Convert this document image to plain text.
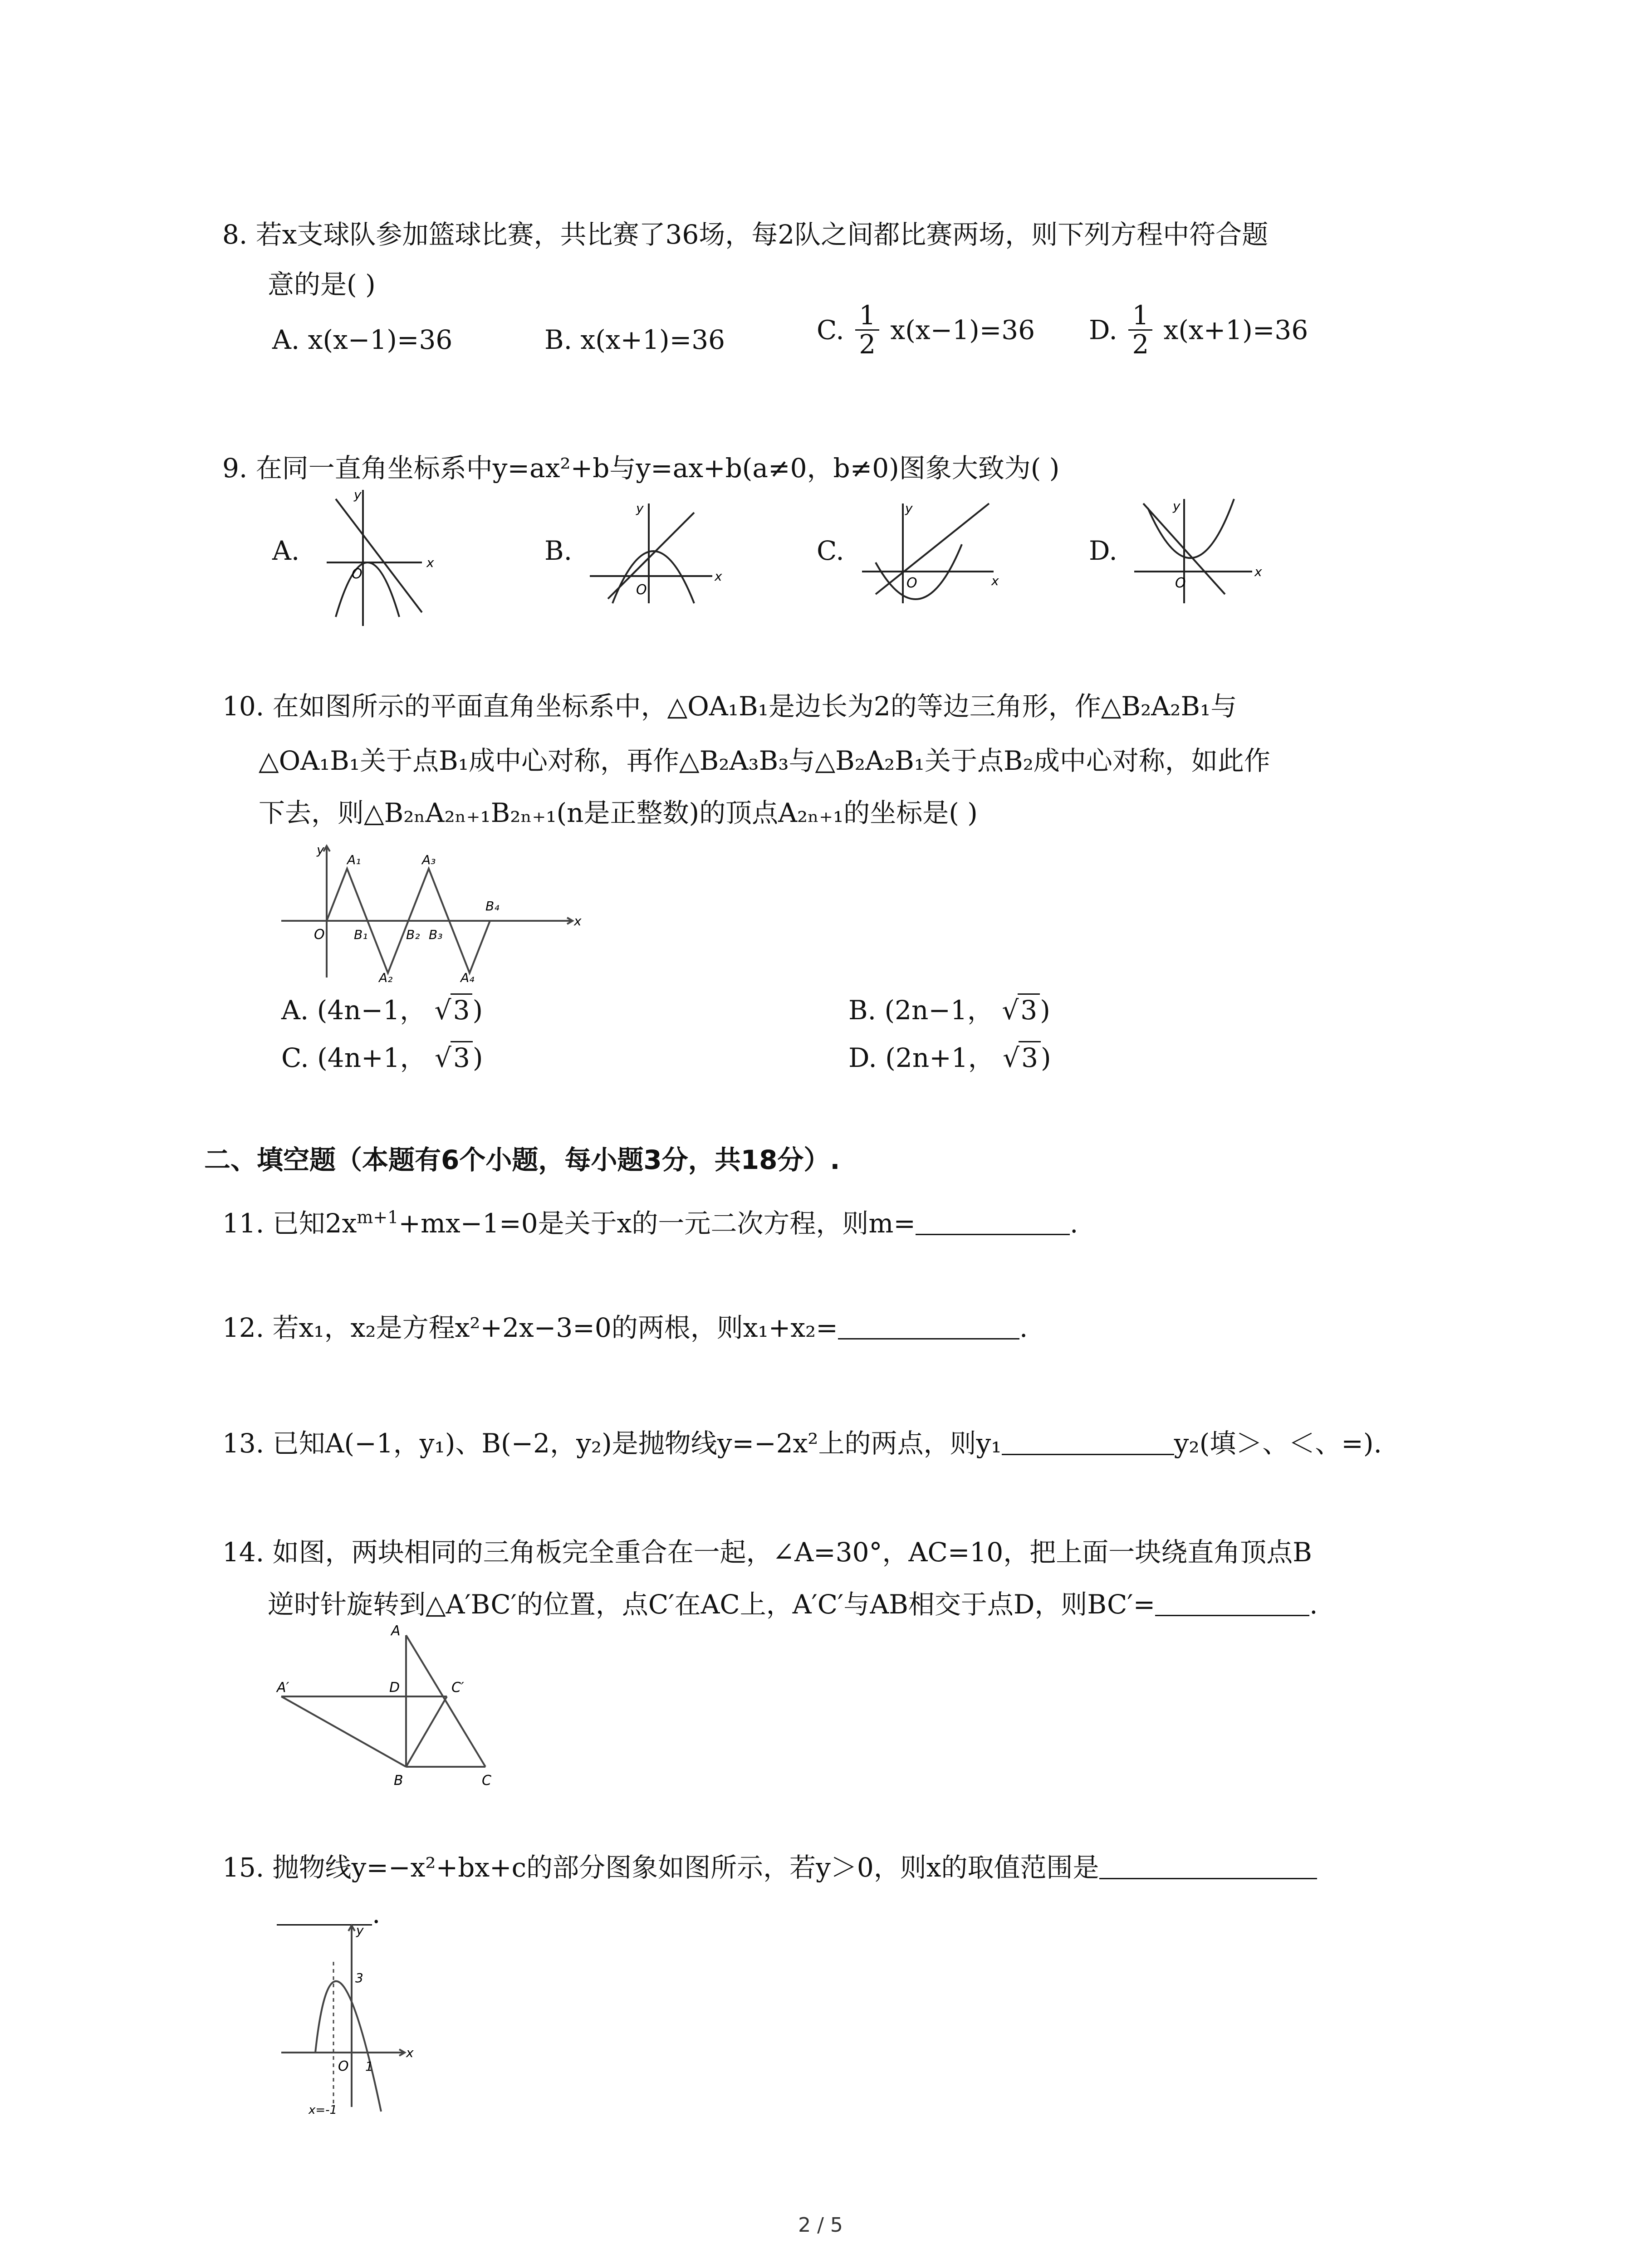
8. 若x支球队参加篮球比赛，共比赛了36场，每2队之间都比赛两场，则下列方程中符合题
意的是( )
A. x(x−1)=36	B. x(x+1)=36	C. $\frac{1}{2} x(x-1)=36$ D. $\frac{1}{2} x(x+1)=36$
9. 在同一直角坐标系中y=ax²+b与y=ax+b(a≠0，b≠0)图象大致为( )
A.
y
x
O
B.
y
x
O
C.
y
x
O
D.
y
x
O
10. 在如图所示的平面直角坐标系中，△OA₁B₁是边长为2的等边三角形，作△B₂A₂B₁与
△OA₁B₁关于点B₁成中心对称，再作△B₂A₃B₃与△B₂A₂B₁关于点B₂成中心对称，如此作
下去，则△B₂ₙA₂ₙ₊₁B₂ₙ₊₁(n是正整数)的顶点A₂ₙ₊₁的坐标是( )
y
x
O
A₁	A₃
A₂	A₄
B₁	B₂ B₃
B₄
A. (4n−1， √3 )	B. (2n−1， √3 )
C. (4n+1， √3 )	D. (2n+1， √3 )
二、填空题（本题有6个小题，每小题3分，共18分）.
11. 已知$2x^{m+1}+mx-1=0$是关于x的一元二次方程，则m=	.
12. 若x₁，x₂是方程x²+2x−3=0的两根，则x₁+x₂=	.
13. 已知A(−1，y₁)、B(−2，y₂)是抛物线y=−2x²上的两点，则y₁	y₂(填＞、＜、=).
14. 如图，两块相同的三角板完全重合在一起，∠A=30°，AC=10，把上面一块绕直角顶点B
逆时针旋转到△A′BC′的位置，点C′在AC上，A′C′与AB相交于点D，则BC′=	.
A
A′	D	C′
B	C
15. 抛物线y=−x²+bx+c的部分图象如图所示，若y＞0，则x的取值范围是
.
y
x
O
3
1
x=-1
2 / 5
